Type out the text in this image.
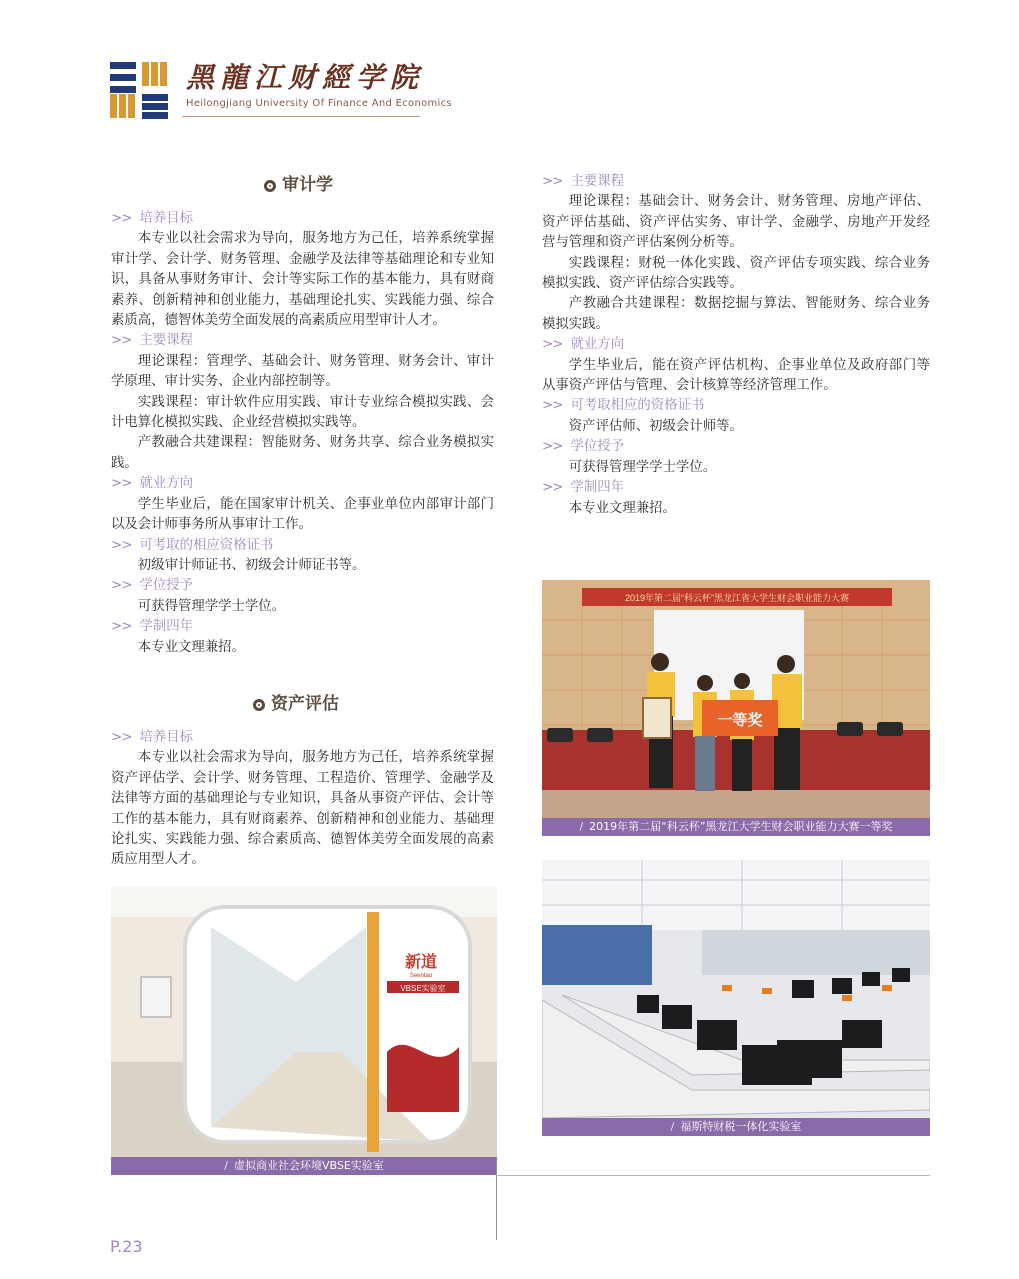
黑龍江财經学院
Heilongjiang University Of Finance And Economics
审计学

>> 培养目标

本专业以社会需求为导向，服务地方为己任，培养系统掌握审计学、会计学、财务管理、金融学及法律等基础理论和专业知识，具备从事财务审计、会计等实际工作的基本能力，具有财商素养、创新精神和创业能力，基础理论扎实、实践能力强、综合素质高，德智体美劳全面发展的高素质应用型审计人才。

>> 主要课程

理论课程：管理学、基础会计、财务管理、财务会计、审计学原理、审计实务、企业内部控制等。

实践课程：审计软件应用实践、审计专业综合模拟实践、会计电算化模拟实践、企业经营模拟实践等。

产教融合共建课程：智能财务、财务共享、综合业务模拟实践。

>> 就业方向

学生毕业后，能在国家审计机关、企事业单位内部审计部门以及会计师事务所从事审计工作。

>> 可考取的相应资格证书

初级审计师证书、初级会计师证书等。

>> 学位授予

可获得管理学学士学位。

>> 学制四年

本专业文理兼招。

资产评估

>> 培养目标

本专业以社会需求为导向，服务地方为己任，培养系统掌握资产评估学、会计学、财务管理、工程造价、管理学、金融学及法律等方面的基础理论与专业知识，具备从事资产评估、会计等工作的基本能力，具有财商素养、创新精神和创业能力、基础理论扎实、实践能力强、综合素质高、德智体美劳全面发展的高素质应用型人才。

>> 主要课程

理论课程：基础会计、财务会计、财务管理、房地产评估、资产评估基础、资产评估实务、审计学、金融学、房地产开发经营与管理和资产评估案例分析等。

实践课程：财税一体化实践、资产评估专项实践、综合业务模拟实践、资产评估综合实践等。

产教融合共建课程：数据挖掘与算法、智能财务、综合业务模拟实践。

>> 就业方向

学生毕业后，能在资产评估机构、企事业单位及政府部门等从事资产评估与管理、会计核算等经济管理工作。

>> 可考取相应的资格证书

资产评估师、初级会计师等。

>> 学位授予

可获得管理学学士学位。

>> 学制四年

本专业文理兼招。

2019年第二届“科云杯”黑龙江省大学生财会职业能力大赛
一等奖
/ 2019年第二届“科云杯”黑龙江大学生财会职业能力大赛一等奖
/ 福斯特财税一体化实验室
新道
Seentao
VBSE实验室
/ 虚拟商业社会环境VBSE实验室
P.23
